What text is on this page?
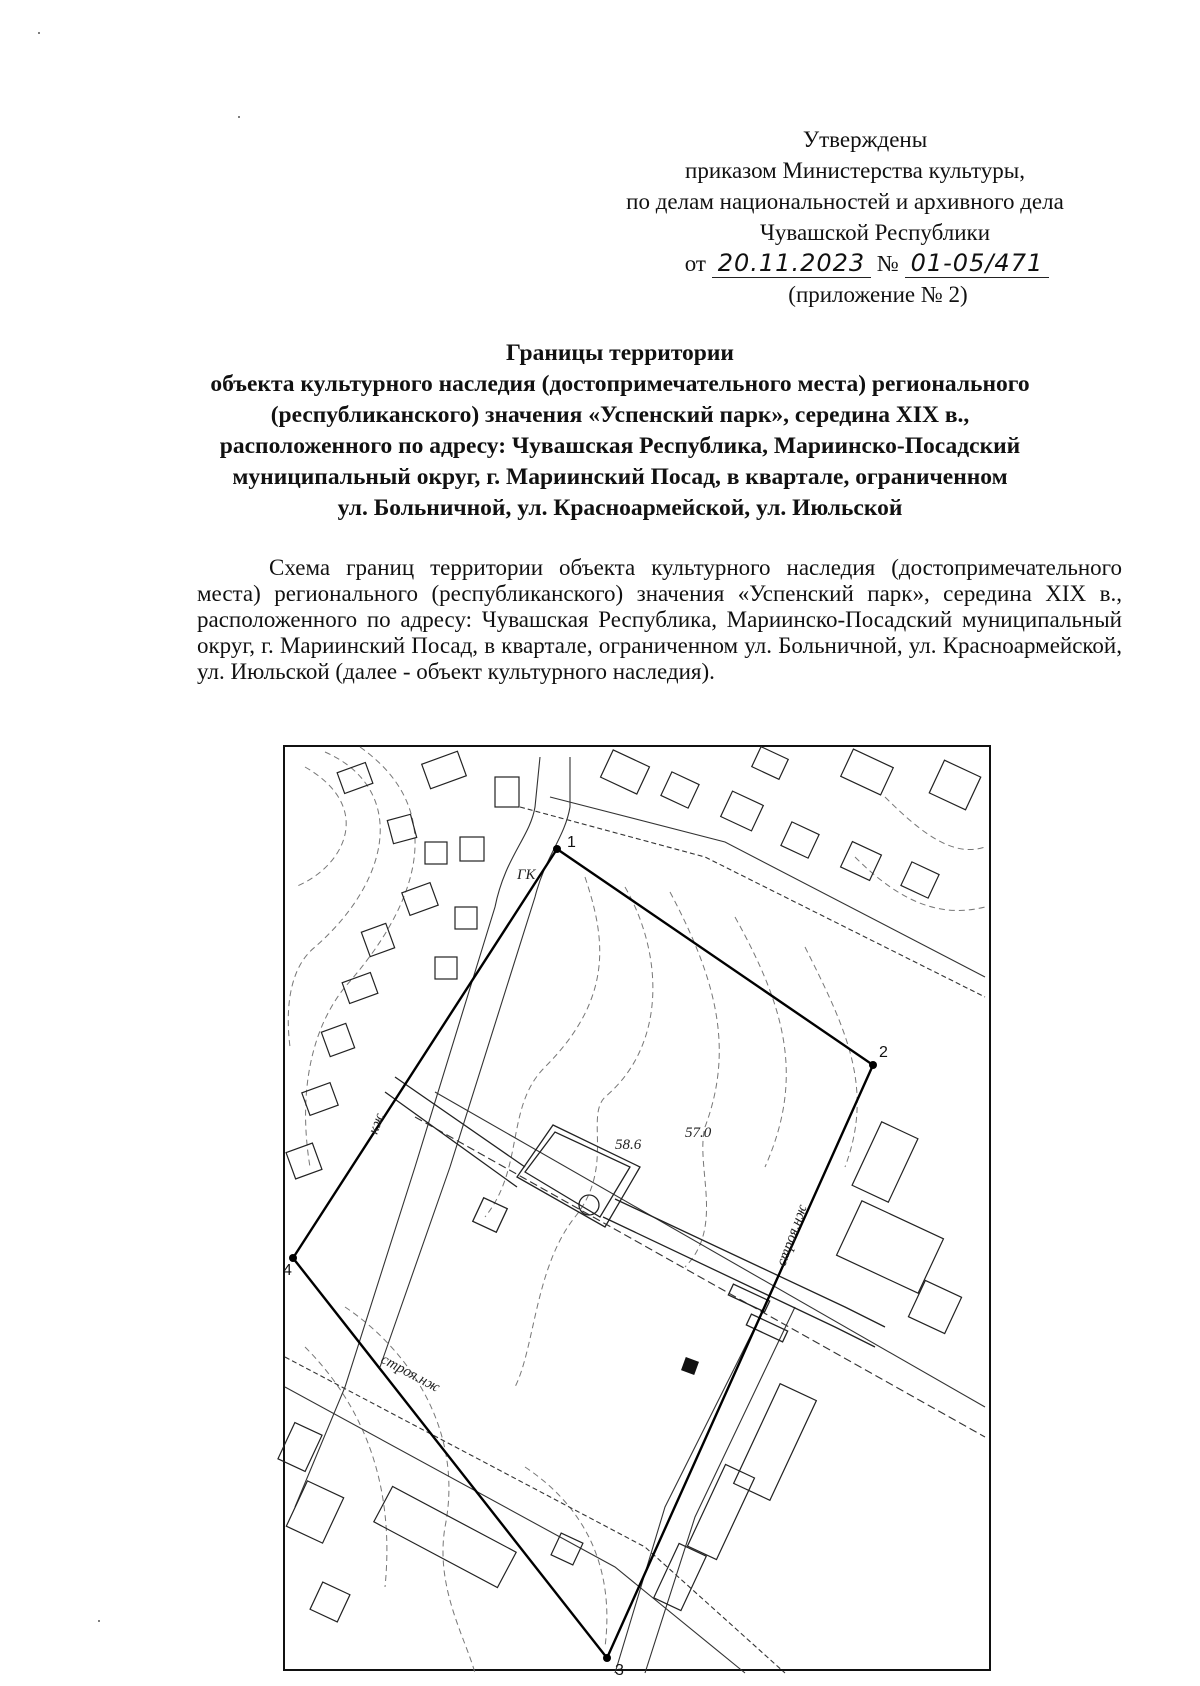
Утверждены
приказом Министерства культуры,
по делам национальностей и архивного дела
Чувашской Республики
от 20.11.2023 № 01-05/471
(приложение № 2)
Границы территории
объекта культурного наследия (достопримечательного места) регионального
(республиканского) значения «Успенский парк», середина XIX в.,
расположенного по адресу: Чувашская Республика, Мариинско-Посадский
муниципальный округ, г. Мариинский Посад, в квартале, ограниченном
ул. Больничной, ул. Красноармейской, ул. Июльской
Схема границ территории объекта культурного наследия (достопримечательного места) регионального (республиканского) значения «Успенский парк», середина XIX в., расположенного по адресу: Чувашская Республика, Мариинско-Посадский муниципальный округ, г. Мариинский Посад, в квартале, ограниченном ул. Больничной, ул. Красноармейской, ул. Июльской (далее - объект культурного наследия).
1
2
3
4
ГК
кж
строя.нж
строя.нж
58.6
57.0
